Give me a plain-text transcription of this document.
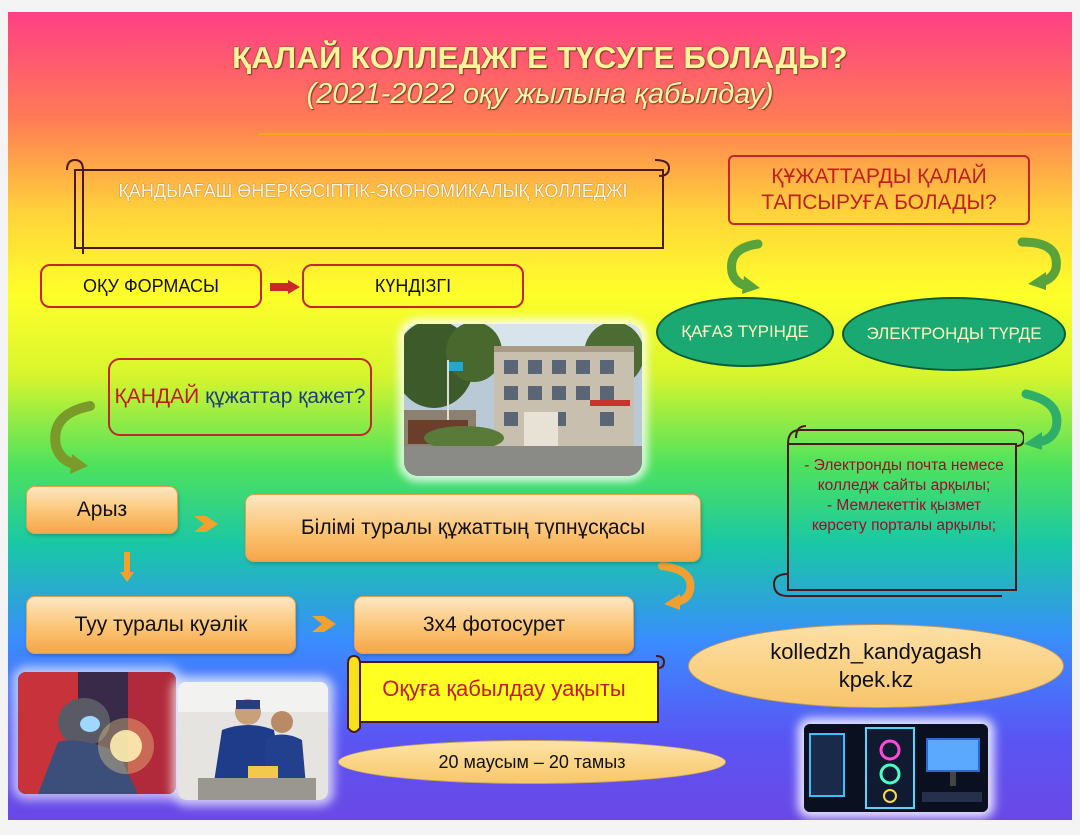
ҚАЛАЙ КОЛЛЕДЖГЕ ТҮСУГЕ БОЛАДЫ?
(2021-2022 оқу жылына қабылдау)
ҚАНДЫАҒАШ ӨНЕРКӘСІПТІК-ЭКОНОМИКАЛЫҚ КОЛЛЕДЖІ
ОҚУ ФОРМАСЫ	КҮНДІЗГІ
ҚАНДАЙ құжаттар қажет?
Арыз
Білімі туралы құжаттың түпнұсқасы
Туу туралы куәлік	3х4 фотосурет
Оқуға қабылдау уақыты
20 маусым – 20 тамыз
ҚҰЖАТТАРДЫ ҚАЛАЙ ТАПСЫРУҒА БОЛАДЫ?
ҚАҒАЗ ТҮРІНДЕ	ЭЛЕКТРОНДЫ ТҮРДЕ
- Электронды почта немесе колледж сайты арқылы;
- Мемлекеттік қызмет көрсету порталы арқылы;
kolledzh_kandyagash
kpek.kz
